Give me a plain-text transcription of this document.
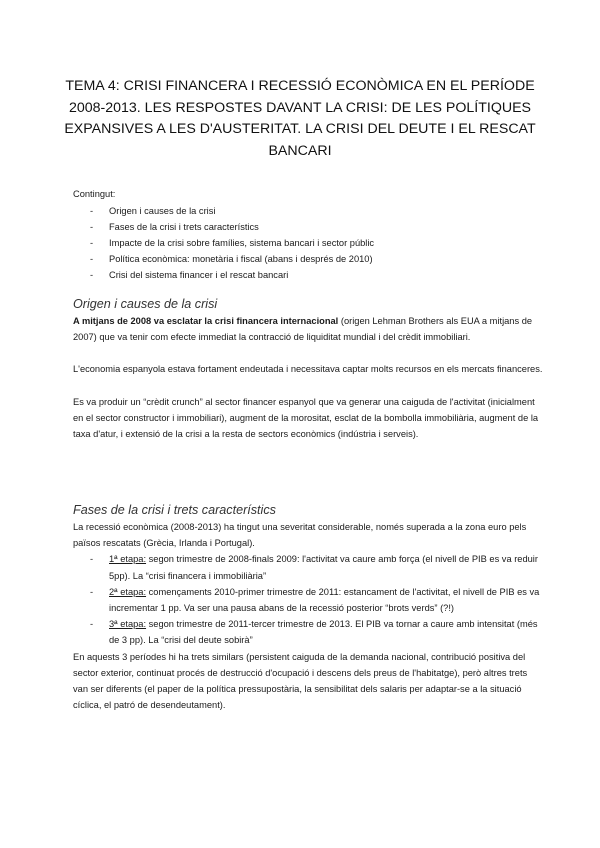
TEMA 4: CRISI FINANCERA I RECESSIÓ ECONÒMICA EN EL PERÍODE 2008-2013. LES RESPOSTES DAVANT LA CRISI: DE LES POLÍTIQUES EXPANSIVES A LES D'AUSTERITAT. LA CRISI DEL DEUTE I EL RESCAT BANCARI

Contingut:

- Origen i causes de la crisi
- Fases de la crisi i trets característics
- Impacte de la crisi sobre famílies, sistema bancari i sector públic
- Política econòmica: monetària i fiscal (abans i després de 2010)
- Crisi del sistema financer i el rescat bancari
Origen i causes de la crisi

A mitjans de 2008 va esclatar la crisi financera internacional (origen Lehman Brothers als EUA a mitjans de 2007) que va tenir com efecte immediat la contracció de liquiditat mundial i del crèdit immobiliari.

L'economia espanyola estava fortament endeutada i necessitava captar molts recursos en els mercats financeres.

Es va produir un “crèdit crunch” al sector financer espanyol que va generar una caiguda de l'activitat (inicialment en el sector constructor i immobiliari), augment de la morositat, esclat de la bombolla immobiliària, augment de la taxa d'atur, i extensió de la crisi a la resta de sectors econòmics (indústria i serveis).

Fases de la crisi i trets característics

La recessió econòmica (2008-2013) ha tingut una severitat considerable, només superada a la zona euro pels països rescatats (Grècia, Irlanda i Portugal).

- 1ª etapa: segon trimestre de 2008-finals 2009: l'activitat va caure amb força (el nivell de PIB es va reduir 5pp). La “crisi financera i immobiliària”
- 2ª etapa: començaments 2010-primer trimestre de 2011: estancament de l'activitat, el nivell de PIB es va incrementar 1 pp. Va ser una pausa abans de la recessió posterior “brots verds” (?!)
- 3ª etapa: segon trimestre de 2011-tercer trimestre de 2013. El PIB va tornar a caure amb intensitat (més de 3 pp). La “crisi del deute sobirà”

En aquests 3 períodes hi ha trets similars (persistent caiguda de la demanda nacional, contribució positiva del sector exterior, continuat procés de destrucció d'ocupació i descens dels preus de l'habitatge), però altres trets van ser diferents (el paper de la política pressupostària, la sensibilitat dels salaris per adaptar-se a la situació cíclica, el patró de desendeutament).
